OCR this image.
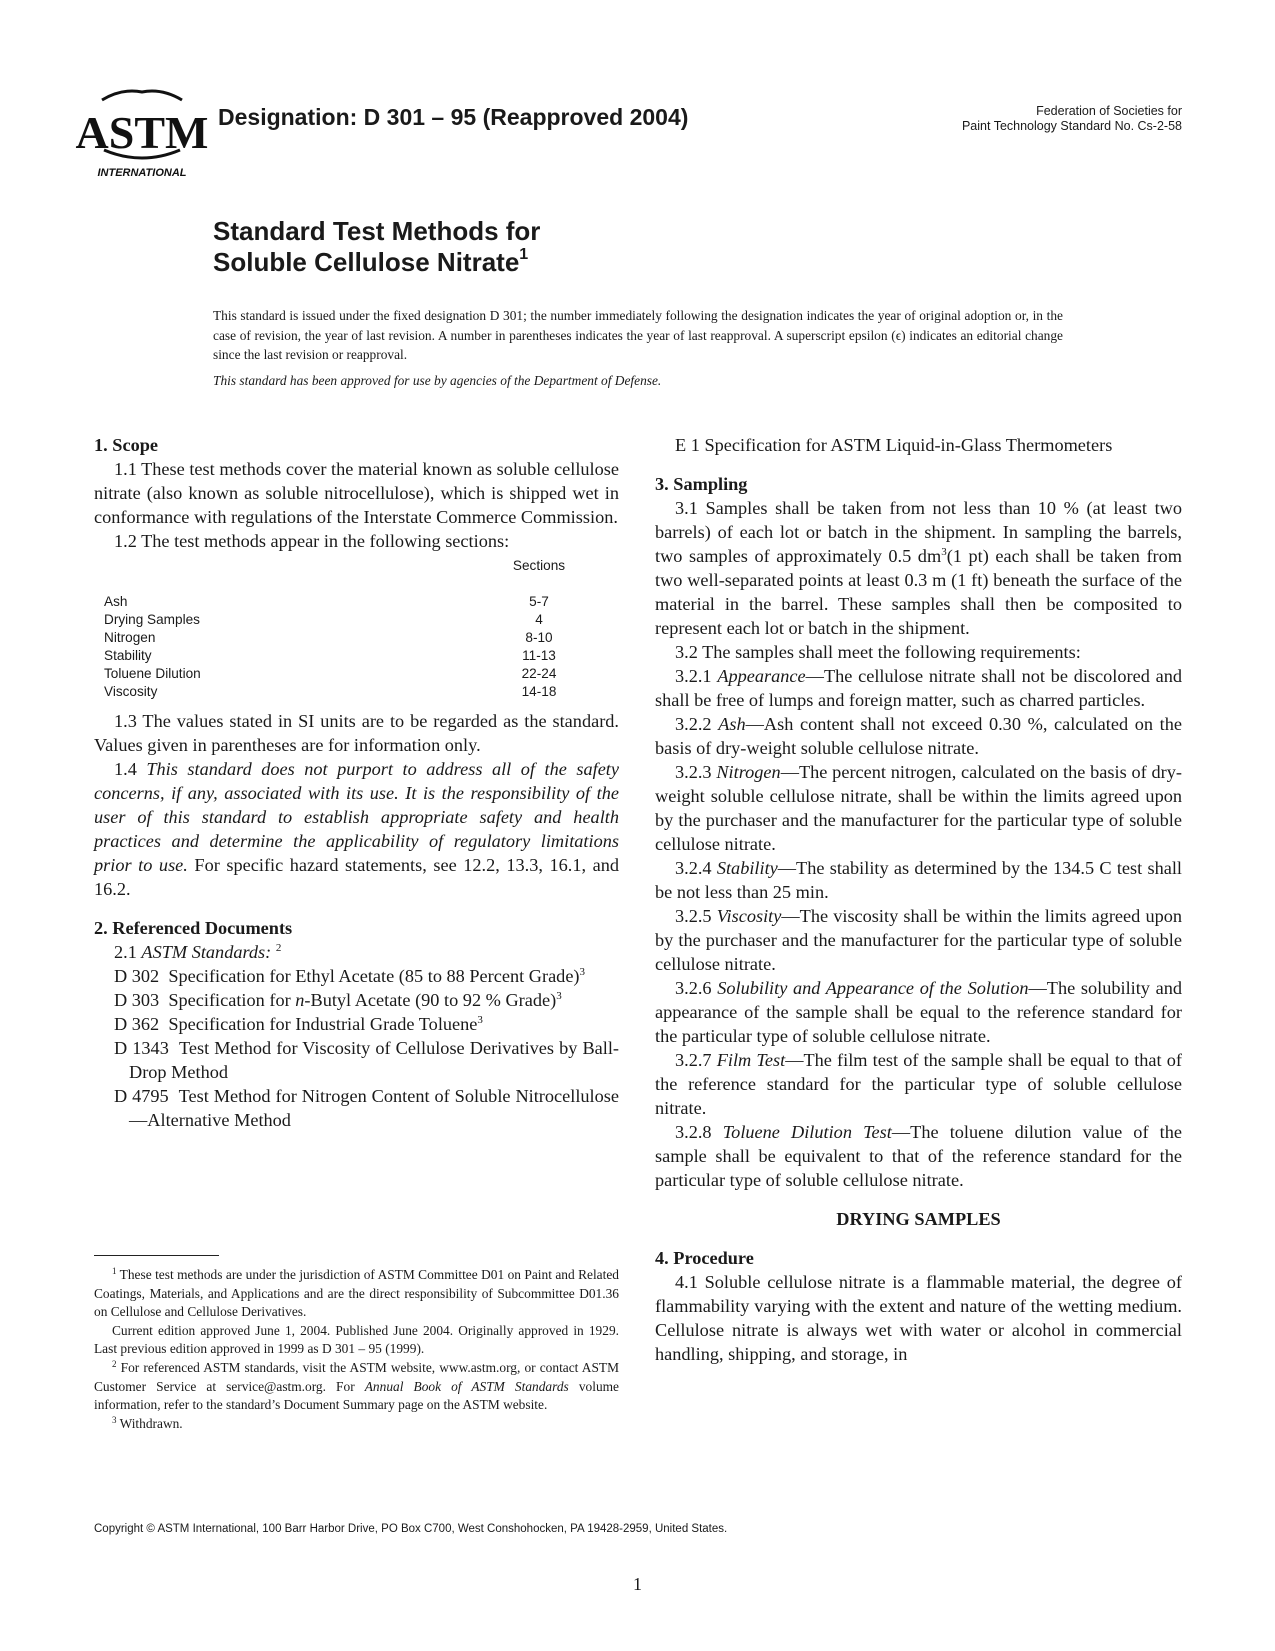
ASTM
INTERNATIONAL
Designation: D 301 – 95 (Reapproved 2004)	Federation of Societies for
Paint Technology Standard No. Cs-2-58
Standard Test Methods for
Soluble Cellulose Nitrate$^1$
This standard is issued under the fixed designation D 301; the number immediately following the designation indicates the year of original adoption or, in the case of revision, the year of last revision. A number in parentheses indicates the year of last reapproval. A superscript epsilon (ϵ) indicates an editorial change since the last revision or reapproval.
This standard has been approved for use by agencies of the Department of Defense.

1. Scope

1.1 These test methods cover the material known as soluble cellulose nitrate (also known as soluble nitrocellulose), which is shipped wet in conformance with regulations of the Interstate Commerce Commission.

1.2 The test methods appear in the following sections:

	Sections
Ash	5-7
Drying Samples	4
Nitrogen	8-10
Stability	11-13
Toluene Dilution	22-24
Viscosity	14-18

1.3 The values stated in SI units are to be regarded as the standard. Values given in parentheses are for information only.

1.4 This standard does not purport to address all of the safety concerns, if any, associated with its use. It is the responsibility of the user of this standard to establish appropriate safety and health practices and determine the applicability of regulatory limitations prior to use. For specific hazard statements, see 12.2, 13.3, 16.1, and 16.2.

2. Referenced Documents

2.1 ASTM Standards: $^2$

D 302 Specification for Ethyl Acetate (85 to 88 Percent Grade)$^3$

D 303 Specification for n-Butyl Acetate (90 to 92 % Grade)$^3$

D 362 Specification for Industrial Grade Toluene$^3$

D 1343 Test Method for Viscosity of Cellulose Derivatives by Ball-Drop Method

D 4795 Test Method for Nitrogen Content of Soluble Nitrocellulose—Alternative Method

$^1$ These test methods are under the jurisdiction of ASTM Committee D01 on Paint and Related Coatings, Materials, and Applications and are the direct responsibility of Subcommittee D01.36 on Cellulose and Cellulose Derivatives.

Current edition approved June 1, 2004. Published June 2004. Originally approved in 1929. Last previous edition approved in 1999 as D 301 – 95 (1999).

$^2$ For referenced ASTM standards, visit the ASTM website, www.astm.org, or contact ASTM Customer Service at service@astm.org. For Annual Book of ASTM Standards volume information, refer to the standard’s Document Summary page on the ASTM website.

$^3$ Withdrawn.

E 1 Specification for ASTM Liquid-in-Glass Thermometers

3. Sampling

3.1 Samples shall be taken from not less than 10 % (at least two barrels) of each lot or batch in the shipment. In sampling the barrels, two samples of approximately 0.5 $dm^3(1$ pt) each shall be taken from two well-separated points at least 0.3 m (1 ft) beneath the surface of the material in the barrel. These samples shall then be composited to represent each lot or batch in the shipment.

3.2 The samples shall meet the following requirements:

3.2.1 Appearance—The cellulose nitrate shall not be discolored and shall be free of lumps and foreign matter, such as charred particles.

3.2.2 Ash—Ash content shall not exceed 0.30 %, calculated on the basis of dry-weight soluble cellulose nitrate.

3.2.3 Nitrogen—The percent nitrogen, calculated on the basis of dry-weight soluble cellulose nitrate, shall be within the limits agreed upon by the purchaser and the manufacturer for the particular type of soluble cellulose nitrate.

3.2.4 Stability—The stability as determined by the 134.5 C test shall be not less than 25 min.

3.2.5 Viscosity—The viscosity shall be within the limits agreed upon by the purchaser and the manufacturer for the particular type of soluble cellulose nitrate.

3.2.6 Solubility and Appearance of the Solution—The solubility and appearance of the sample shall be equal to the reference standard for the particular type of soluble cellulose nitrate.

3.2.7 Film Test—The film test of the sample shall be equal to that of the reference standard for the particular type of soluble cellulose nitrate.

3.2.8 Toluene Dilution Test—The toluene dilution value of the sample shall be equivalent to that of the reference standard for the particular type of soluble cellulose nitrate.

DRYING SAMPLES

4. Procedure

4.1 Soluble cellulose nitrate is a flammable material, the degree of flammability varying with the extent and nature of the wetting medium. Cellulose nitrate is always wet with water or alcohol in commercial handling, shipping, and storage, in

Copyright © ASTM International, 100 Barr Harbor Drive, PO Box C700, West Conshohocken, PA 19428-2959, United States.
1
